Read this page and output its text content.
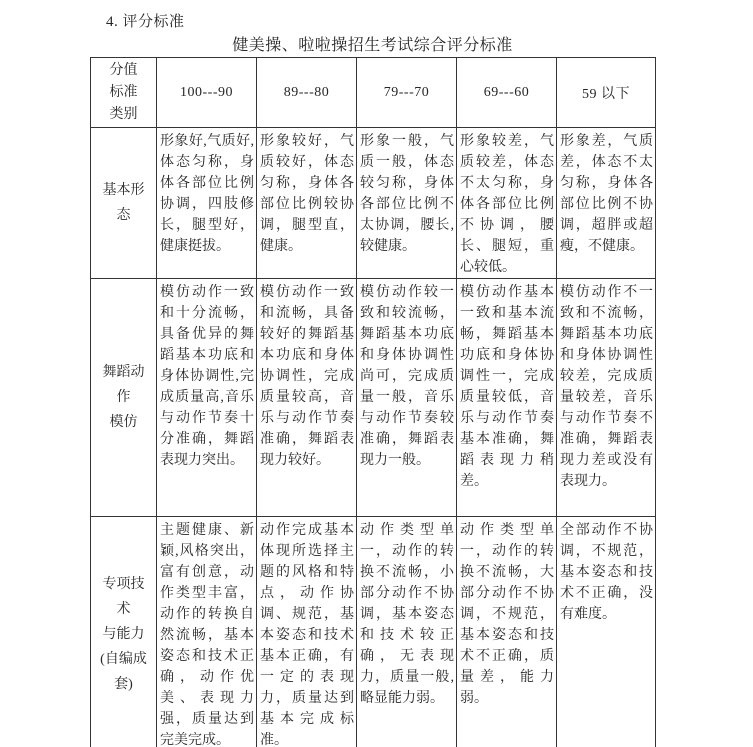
4. 评分标准
健美操、啦啦操招生考试综合评分标准
分值
标准
类别	100---90	89---80	79---70	69---60	59 以下
基本形
态	形象好,气质好,体态匀称，身体各部位比例协调，四肢修长，腿型好，健康挺拔。	形象较好，气质较好，体态匀称，身体各部位比例较协调，腿型直，健康。	形象一般，气质一般，体态较匀称，身体各部位比例不太协调，腰长,较健康。	形象较差，气质较差，体态不太匀称，身体各部位比例不协调，腰长、腿短，重心较低。	形象差，气质差，体态不太匀称，身体各部位比例不协调，超胖或超瘦，不健康。
舞蹈动
作
模仿	模仿动作一致和十分流畅，具备优异的舞蹈基本功底和身体协调性,完成质量高,音乐与动作节奏十分准确，舞蹈表现力突出。	模仿动作一致和流畅，具备较好的舞蹈基本功底和身体协调性，完成质量较高，音乐与动作节奏准确，舞蹈表现力较好。	模仿动作较一致和较流畅，舞蹈基本功底和身体协调性尚可，完成质量一般，音乐与动作节奏较准确，舞蹈表现力一般。	模仿动作基本一致和基本流畅，舞蹈基本功底和身体协调性一，完成质量较低，音乐与动作节奏基本准确，舞蹈表现力稍差。	模仿动作不一致和不流畅，舞蹈基本功底和身体协调性较差，完成质量较差，音乐与动作节奏不准确，舞蹈表现力差或没有表现力。
专项技
术
与能力
(自编成
套)	主题健康、新颖,风格突出，富有创意，动作类型丰富，动作的转换自然流畅，基本姿态和技术正确，动作优美、表现力强，质量达到完美完成。	动作完成基本体现所选择主题的风格和特点，动作协调、规范，基本姿态和技术基本正确，有一定的表现力，质量达到基本完成标准。	动作类型单一，动作的转换不流畅，小部分动作不协调，基本姿态和技术较正确，无表现力，质量一般,略显能力弱。	动作类型单一，动作的转换不流畅，大部分动作不协调，不规范，基本姿态和技术不正确，质量差，能力弱。	全部动作不协调，不规范，基本姿态和技术不正确，没有难度。
